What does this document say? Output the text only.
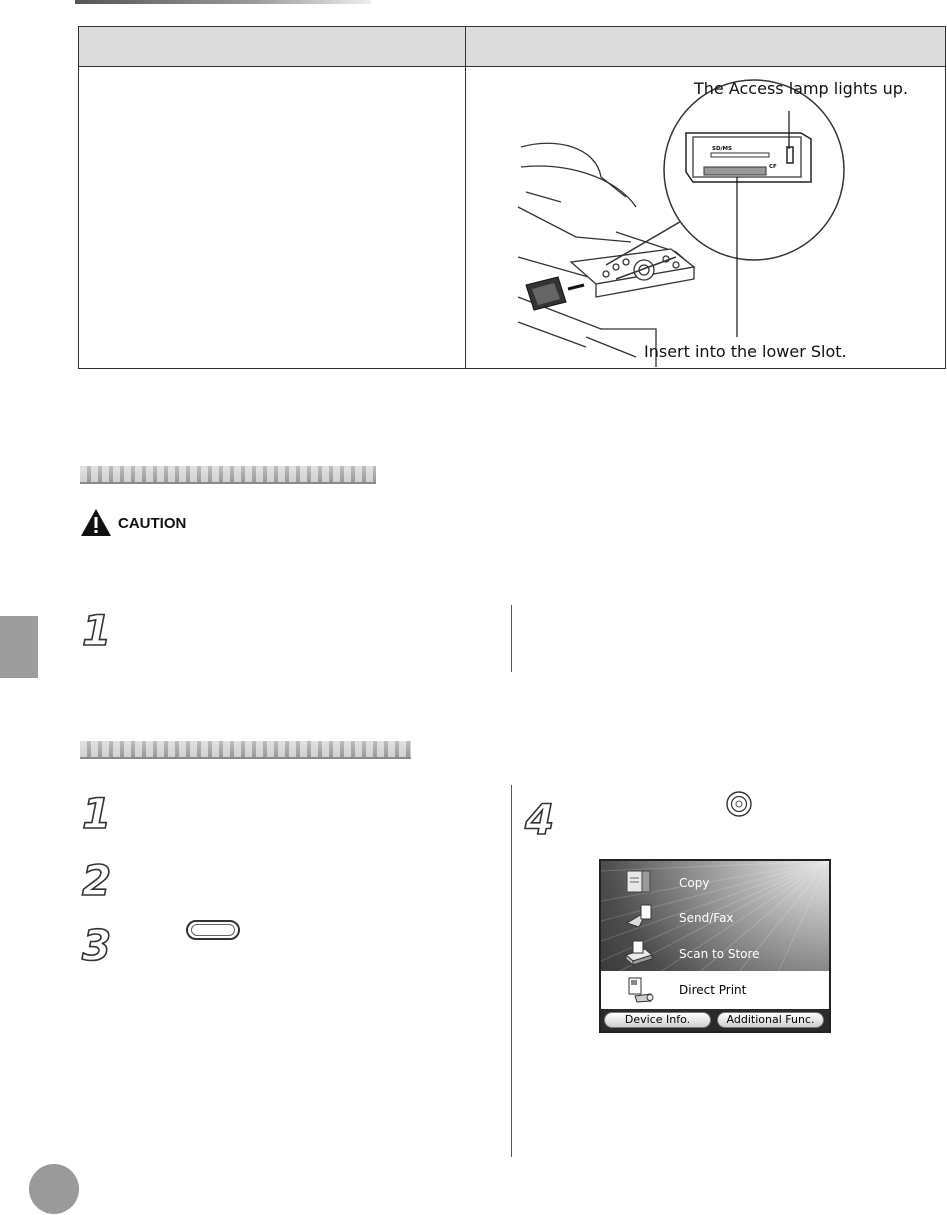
SD/MS
CF
The Access lamp lights up.
Insert into the lower Slot.
CAUTION
1
1
2
3
4
Copy
Send/Fax
Scan to Store
Direct Print
Device Info.	Additional Func.
